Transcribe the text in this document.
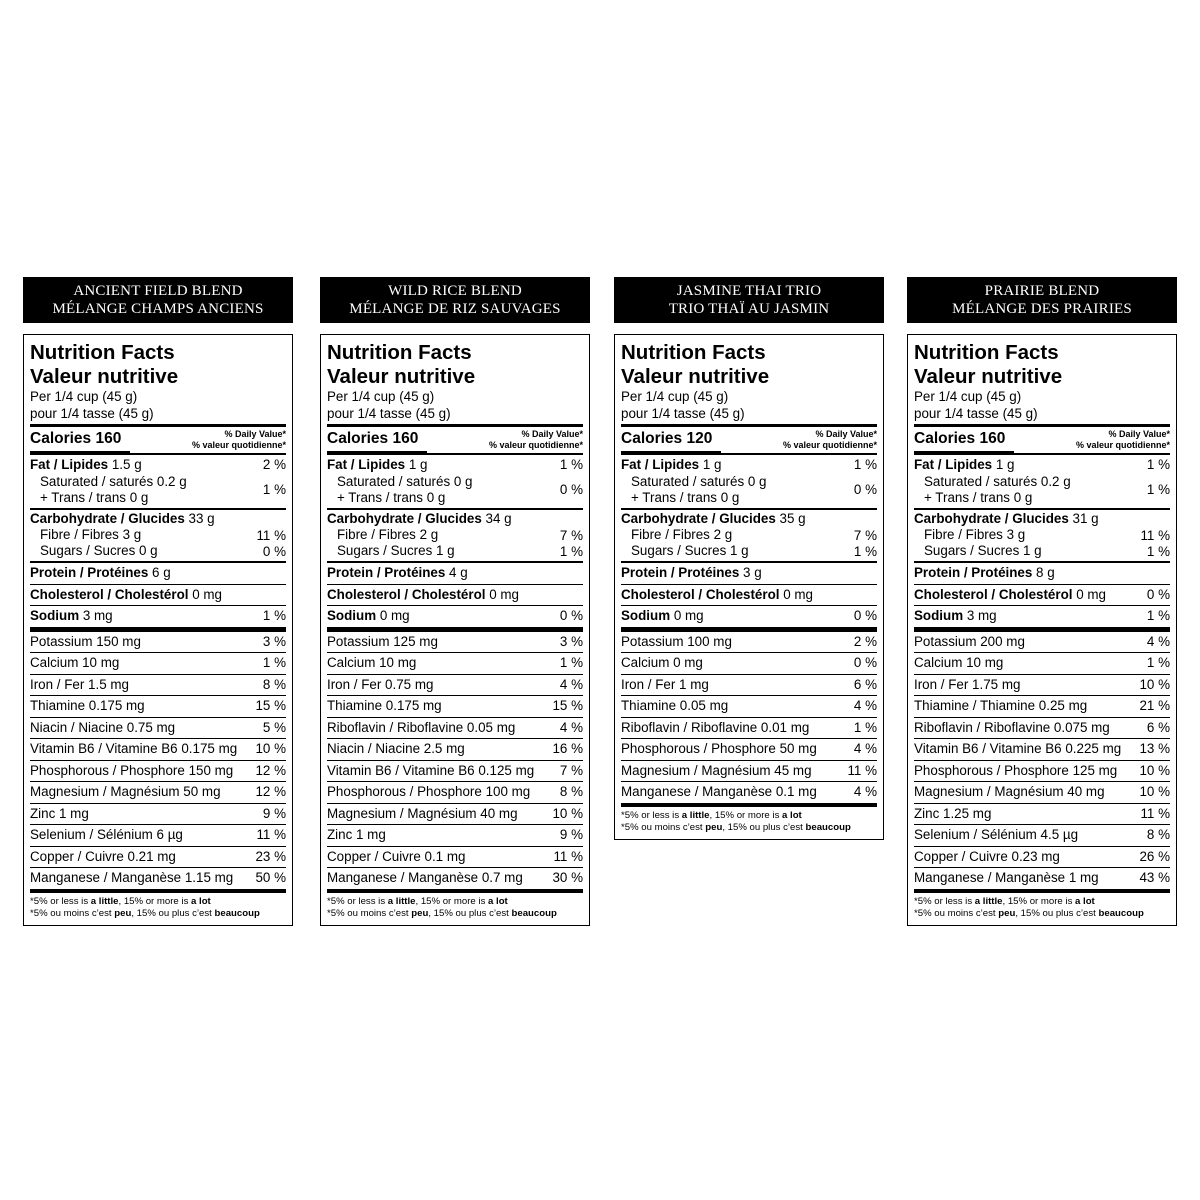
ANCIENT FIELD BLEND
MÉLANGE CHAMPS ANCIENS
Nutrition Facts
Valeur nutritive
Per 1/4 cup (45 g)
pour 1/4 tasse (45 g)
Calories 160	% Daily Value*
% valeur quotidienne*
Fat / Lipides 1.5 g	2 %
Saturated / saturés 0.2 g
+ Trans / trans 0 g	1 %
Carbohydrate / Glucides 33 g
Fibre / Fibres 3 g	11 %
Sugars / Sucres 0 g	0 %
Protein / Protéines 6 g
Cholesterol / Cholestérol 0 mg
Sodium 3 mg	1 %
Potassium 150 mg	3 %
Calcium 10 mg	1 %
Iron / Fer 1.5 mg	8 %
Thiamine 0.175 mg	15 %
Niacin / Niacine 0.75 mg	5 %
Vitamin B6 / Vitamine B6 0.175 mg 10 %
Phosphorous / Phosphore 150 mg 12 %
Magnesium / Magnésium 50 mg	12 %
Zinc 1 mg	9 %
Selenium / Sélénium 6 µg	11 %
Copper / Cuivre 0.21 mg	23 %
Manganese / Manganèse 1.15 mg 50 %
*5% or less is a little, 15% or more is a lot
*5% ou moins c’est peu, 15% ou plus c’est beaucoup
WILD RICE BLEND
MÉLANGE DE RIZ SAUVAGES
Nutrition Facts
Valeur nutritive
Per 1/4 cup (45 g)
pour 1/4 tasse (45 g)
Calories 160	% Daily Value*
% valeur quotidienne*
Fat / Lipides 1 g	1 %
Saturated / saturés 0 g
+ Trans / trans 0 g	0 %
Carbohydrate / Glucides 34 g
Fibre / Fibres 2 g	7 %
Sugars / Sucres 1 g	1 %
Protein / Protéines 4 g
Cholesterol / Cholestérol 0 mg
Sodium 0 mg	0 %
Potassium 125 mg	3 %
Calcium 10 mg	1 %
Iron / Fer 0.75 mg	4 %
Thiamine 0.175 mg	15 %
Riboflavin / Riboflavine 0.05 mg	4 %
Niacin / Niacine 2.5 mg	16 %
Vitamin B6 / Vitamine B6 0.125 mg 7 %
Phosphorous / Phosphore 100 mg 8 %
Magnesium / Magnésium 40 mg	10 %
Zinc 1 mg	9 %
Copper / Cuivre 0.1 mg	11 %
Manganese / Manganèse 0.7 mg 30 %
*5% or less is a little, 15% or more is a lot
*5% ou moins c’est peu, 15% ou plus c’est beaucoup
JASMINE THAI TRIO
TRIO THAÏ AU JASMIN
Nutrition Facts
Valeur nutritive
Per 1/4 cup (45 g)
pour 1/4 tasse (45 g)
Calories 120	% Daily Value*
% valeur quotidienne*
Fat / Lipides 1 g	1 %
Saturated / saturés 0 g
+ Trans / trans 0 g	0 %
Carbohydrate / Glucides 35 g
Fibre / Fibres 2 g	7 %
Sugars / Sucres 1 g	1 %
Protein / Protéines 3 g
Cholesterol / Cholestérol 0 mg
Sodium 0 mg	0 %
Potassium 100 mg	2 %
Calcium 0 mg	0 %
Iron / Fer 1 mg	6 %
Thiamine 0.05 mg	4 %
Riboflavin / Riboflavine 0.01 mg	1 %
Phosphorous / Phosphore 50 mg	4 %
Magnesium / Magnésium 45 mg	11 %
Manganese / Manganèse 0.1 mg	4 %
*5% or less is a little, 15% or more is a lot
*5% ou moins c’est peu, 15% ou plus c’est beaucoup
PRAIRIE BLEND
MÉLANGE DES PRAIRIES
Nutrition Facts
Valeur nutritive
Per 1/4 cup (45 g)
pour 1/4 tasse (45 g)
Calories 160	% Daily Value*
% valeur quotidienne*
Fat / Lipides 1 g	1 %
Saturated / saturés 0.2 g
+ Trans / trans 0 g	1 %
Carbohydrate / Glucides 31 g
Fibre / Fibres 3 g	11 %
Sugars / Sucres 1 g	1 %
Protein / Protéines 8 g
Cholesterol / Cholestérol 0 mg	0 %
Sodium 3 mg	1 %
Potassium 200 mg	4 %
Calcium 10 mg	1 %
Iron / Fer 1.75 mg	10 %
Thiamine / Thiamine 0.25 mg	21 %
Riboflavin / Riboflavine 0.075 mg	6 %
Vitamin B6 / Vitamine B6 0.225 mg 13 %
Phosphorous / Phosphore 125 mg 10 %
Magnesium / Magnésium 40 mg	10 %
Zinc 1.25 mg	11 %
Selenium / Sélénium 4.5 µg	8 %
Copper / Cuivre 0.23 mg	26 %
Manganese / Manganèse 1 mg	43 %
*5% or less is a little, 15% or more is a lot
*5% ou moins c’est peu, 15% ou plus c’est beaucoup
